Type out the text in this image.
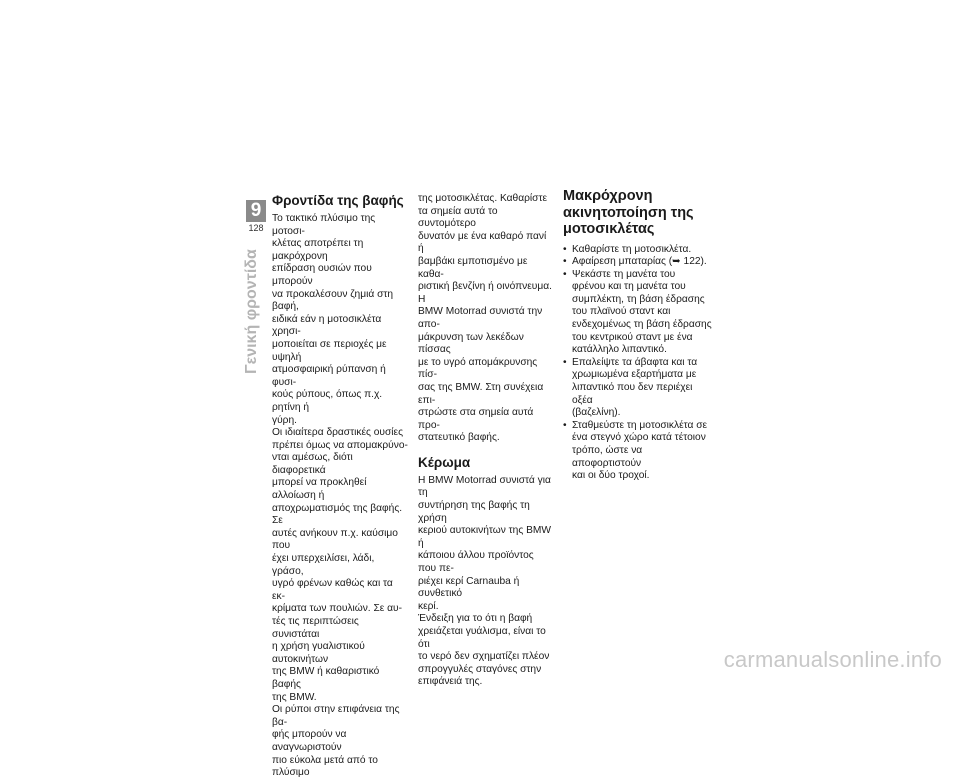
9
128
Γενική φροντίδα
Φροντίδα της βαφής

Το τακτικό πλύσιμο της μοτοσι-
κλέτας αποτρέπει τη μακρόχρονη
επίδραση ουσιών που μπορούν
να προκαλέσουν ζημιά στη βαφή,
ειδικά εάν η μοτοσικλέτα χρησι-
μοποιείται σε περιοχές με υψηλή
ατμοσφαιρική ρύπανση ή φυσι-
κούς ρύπους, όπως π.χ. ρητίνη ή
γύρη.

Οι ιδιαίτερα δραστικές ουσίες
πρέπει όμως να απομακρύνο-
νται αμέσως, διότι διαφορετικά
μπορεί να προκληθεί αλλοίωση ή
αποχρωματισμός της βαφής. Σε
αυτές ανήκουν π.χ. καύσιμο που
έχει υπερχειλίσει, λάδι, γράσο,
υγρό φρένων καθώς και τα εκ-
κρίματα των πουλιών. Σε αυ-
τές τις περιπτώσεις συνιστάται
η χρήση γυαλιστικού αυτοκινήτων
της BMW ή καθαριστικό βαφής
της BMW.

Οι ρύποι στην επιφάνεια της βα-
φής μπορούν να αναγνωριστούν
πιο εύκολα μετά από το πλύσιμο

της μοτοσικλέτας. Καθαρίστε
τα σημεία αυτά το συντομότερο
δυνατόν με ένα καθαρό πανί ή
βαμβάκι εμποτισμένο με καθα-
ριστική βενζίνη ή οινόπνευμα. Η
BMW Motorrad συνιστά την απο-
μάκρυνση των λεκέδων πίσσας
με το υγρό απομάκρυνσης πίσ-
σας της BMW. Στη συνέχεια επι-
στρώστε στα σημεία αυτά προ-
στατευτικό βαφής.

Κέρωμα

Η BMW Motorrad συνιστά για τη
συντήρηση της βαφής τη χρήση
κεριού αυτοκινήτων της BMW ή
κάποιου άλλου προϊόντος που πε-
ριέχει κερί Carnauba ή συνθετικό
κερί.

Ένδειξη για το ότι η βαφή
χρειάζεται γυάλισμα, είναι το ότι
το νερό δεν σχηματίζει πλέον
σπρογγυλές σταγόνες στην
επιφάνειά της.

Μακρόχρονη
ακινητοποίηση της
μοτοσικλέτας
• Καθαρίστε τη μοτοσικλέτα.
• Αφαίρεση μπαταρίας (➥ 122).
• Ψεκάστε τη μανέτα του
φρένου και τη μανέτα του
συμπλέκτη, τη βάση έδρασης
του πλαϊνού σταντ και
ενδεχομένως τη βάση έδρασης
του κεντρικού σταντ με ένα
κατάλληλο λιπαντικό.
• Επαλείψτε τα άβαφτα και τα
χρωμιωμένα εξαρτήματα με
λιπαντικό που δεν περιέχει οξέα
(βαζελίνη).
• Σταθμεύστε τη μοτοσικλέτα σε
ένα στεγνό χώρο κατά τέτοιον
τρόπο, ώστε να αποφορτιστούν
και οι δύο τροχοί.
carmanualsonline.info
